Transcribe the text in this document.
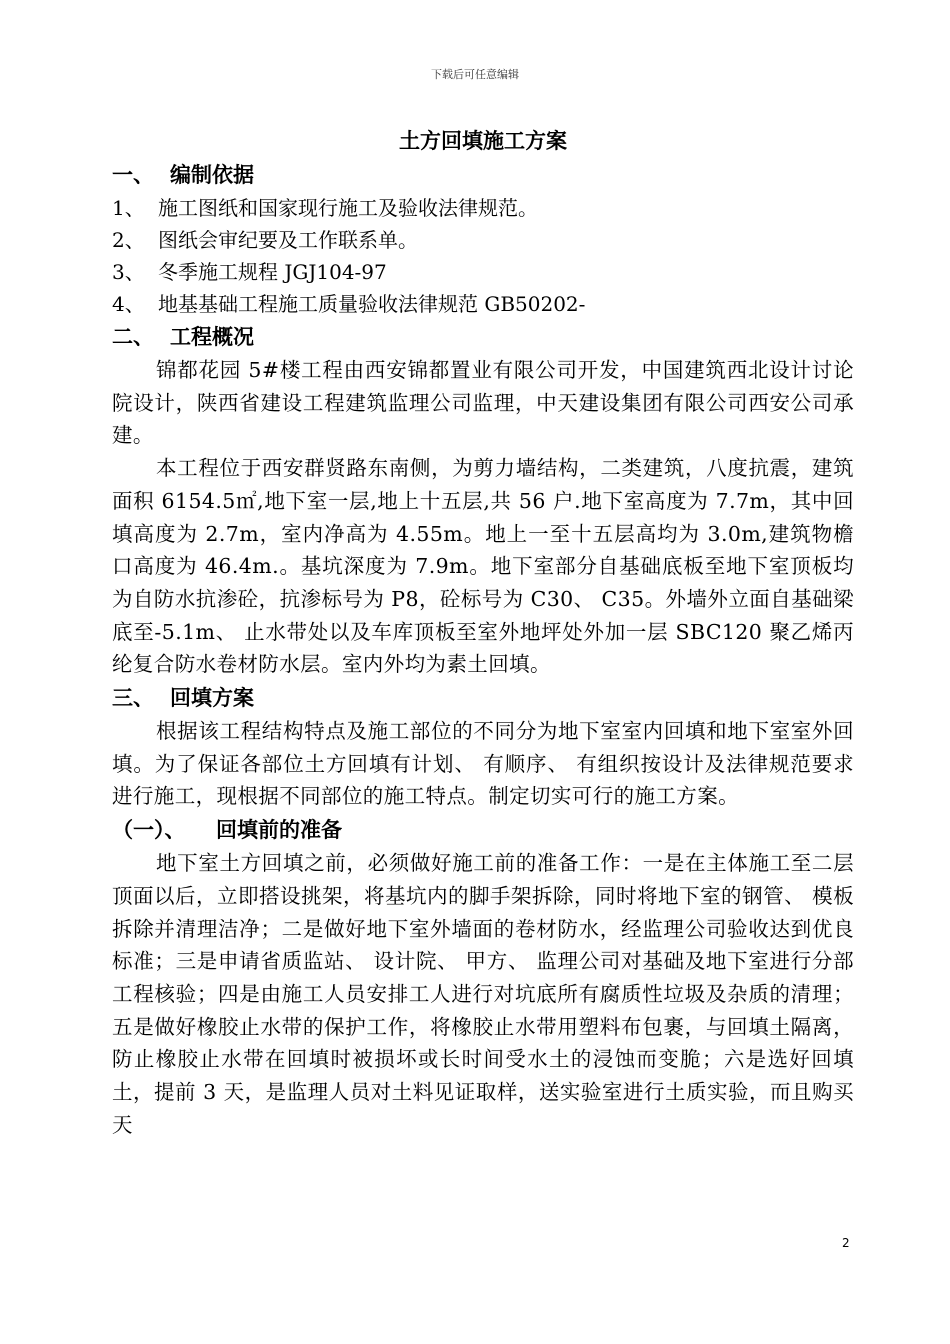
下载后可任意编辑

土方回填施工方案

一、 编制依据

1、 施工图纸和国家现行施工及验收法律规范。

2、 图纸会审纪要及工作联系单。

3、 冬季施工规程 JGJ104-97

4、 地基基础工程施工质量验收法律规范 GB50202-

二、 工程概况

锦都花园 5#楼工程由西安锦都置业有限公司开发，中国建筑西北设计讨论院设计，陕西省建设工程建筑监理公司监理，中天建设集团有限公司西安公司承建。

本工程位于西安群贤路东南侧，为剪力墙结构，二类建筑，八度抗震，建筑面积 6154.5㎡,地下室一层,地上十五层,共 56 户.地下室高度为 7.7m，其中回填高度为 2.7m，室内净高为 4.55m。地上一至十五层高均为 3.0m,建筑物檐口高度为 46.4m.。基坑深度为 7.9m。地下室部分自基础底板至地下室顶板均为自防水抗渗砼，抗渗标号为 P8，砼标号为 C30、 C35。外墙外立面自基础梁底至-5.1m、 止水带处以及车库顶板至室外地坪处外加一层 SBC120 聚乙烯丙纶复合防水卷材防水层。室内外均为素土回填。

三、 回填方案

根据该工程结构特点及施工部位的不同分为地下室室内回填和地下室室外回填。为了保证各部位土方回填有计划、 有顺序、 有组织按设计及法律规范要求进行施工，现根据不同部位的施工特点。制定切实可行的施工方案。

（一）、 回填前的准备

地下室土方回填之前，必须做好施工前的准备工作：一是在主体施工至二层顶面以后，立即搭设挑架，将基坑内的脚手架拆除，同时将地下室的钢管、 模板拆除并清理洁净；二是做好地下室外墙面的卷材防水，经监理公司验收达到优良标准；三是申请省质监站、 设计院、 甲方、 监理公司对基础及地下室进行分部工程核验；四是由施工人员安排工人进行对坑底所有腐质性垃圾及杂质的清理；五是做好橡胶止水带的保护工作，将橡胶止水带用塑料布包裹，与回填土隔离，防止橡胶止水带在回填时被损坏或长时间受水土的浸蚀而变脆；六是选好回填土，提前 3 天，是监理人员对土料见证取样，送实验室进行土质实验，而且购买天

2
